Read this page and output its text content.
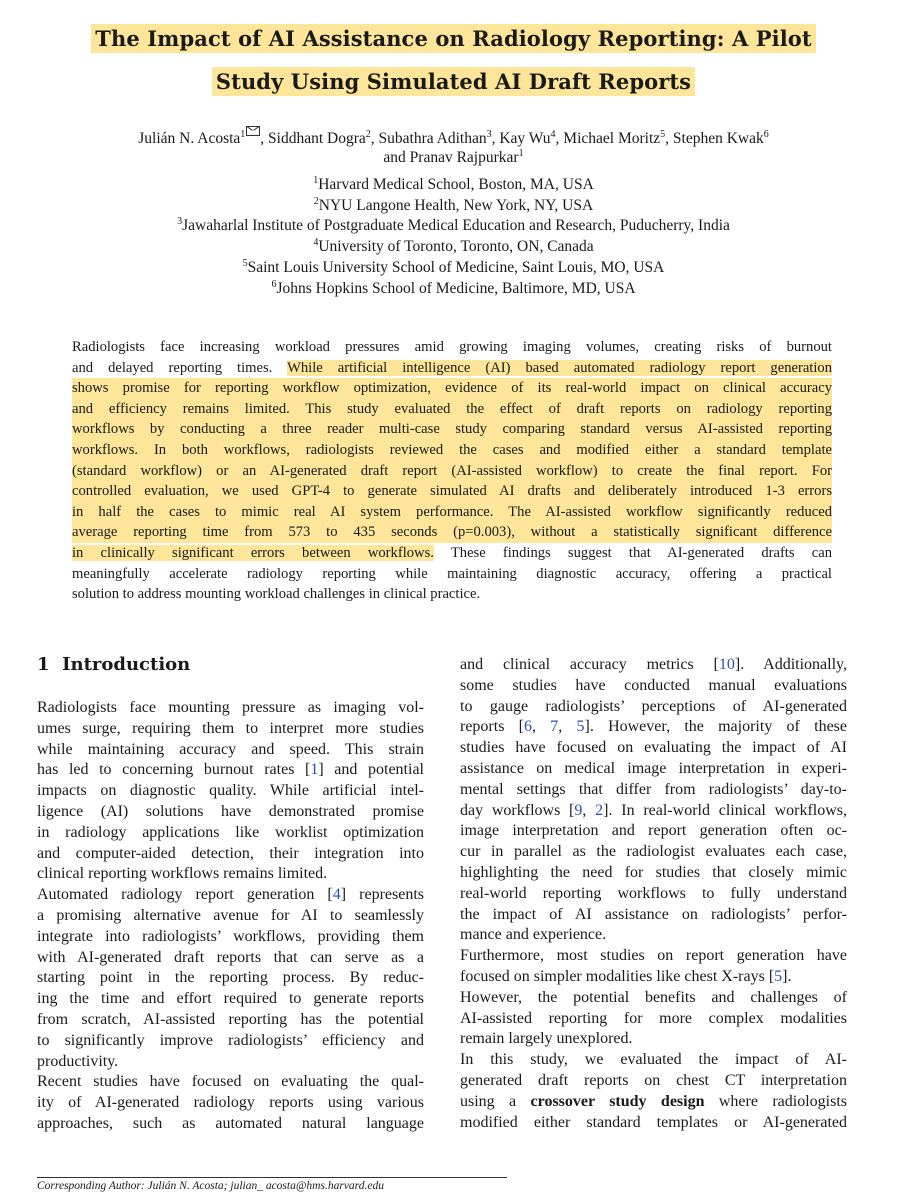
The Impact of AI Assistance on Radiology Reporting: A Pilot
Study Using Simulated AI Draft Reports
Julián N. Acosta$^1$ , Siddhant Dogra$^2$, Subathra Adithan$^3$, Kay Wu$^4$, Michael Moritz$^5$, Stephen Kwak$^6$
and Pranav Rajpurkar$^1$
$^1$Harvard Medical School, Boston, MA, USA
$^2$NYU Langone Health, New York, NY, USA
$^3$Jawaharlal Institute of Postgraduate Medical Education and Research, Puducherry, India
$^4$University of Toronto, Toronto, ON, Canada
$^5$Saint Louis University School of Medicine, Saint Louis, MO, USA
$^6$Johns Hopkins School of Medicine, Baltimore, MD, USA
Radiologists face increasing workload pressures amid growing imaging volumes, creating risks of burnout
and delayed reporting times. While artificial intelligence (AI) based automated radiology report generation
shows promise for reporting workflow optimization, evidence of its real-world impact on clinical accuracy
and efficiency remains limited. This study evaluated the effect of draft reports on radiology reporting
workflows by conducting a three reader multi-case study comparing standard versus AI-assisted reporting
workflows. In both workflows, radiologists reviewed the cases and modified either a standard template
(standard workflow) or an AI-generated draft report (AI-assisted workflow) to create the final report. For
controlled evaluation, we used GPT-4 to generate simulated AI drafts and deliberately introduced 1-3 errors
in half the cases to mimic real AI system performance. The AI-assisted workflow significantly reduced
average reporting time from 573 to 435 seconds (p=0.003), without a statistically significant difference
in clinically significant errors between workflows. These findings suggest that AI-generated drafts can
meaningfully accelerate radiology reporting while maintaining diagnostic accuracy, offering a practical
solution to address mounting workload challenges in clinical practice.
1 Introduction
Radiologists face mounting pressure as imaging vol-
umes surge, requiring them to interpret more studies
while maintaining accuracy and speed. This strain
has led to concerning burnout rates [1] and potential
impacts on diagnostic quality. While artificial intel-
ligence (AI) solutions have demonstrated promise
in radiology applications like worklist optimization
and computer-aided detection, their integration into
clinical reporting workflows remains limited.
Automated radiology report generation [4] represents
a promising alternative avenue for AI to seamlessly
integrate into radiologists’ workflows, providing them
with AI-generated draft reports that can serve as a
starting point in the reporting process. By reduc-
ing the time and effort required to generate reports
from scratch, AI-assisted reporting has the potential
to significantly improve radiologists’ efficiency and
productivity.
Recent studies have focused on evaluating the qual-
ity of AI-generated radiology reports using various
approaches, such as automated natural language
and clinical accuracy metrics [10]. Additionally,
some studies have conducted manual evaluations
to gauge radiologists’ perceptions of AI-generated
reports [6, 7, 5]. However, the majority of these
studies have focused on evaluating the impact of AI
assistance on medical image interpretation in experi-
mental settings that differ from radiologists’ day-to-
day workflows [9, 2]. In real-world clinical workflows,
image interpretation and report generation often oc-
cur in parallel as the radiologist evaluates each case,
highlighting the need for studies that closely mimic
real-world reporting workflows to fully understand
the impact of AI assistance on radiologists’ perfor-
mance and experience.
Furthermore, most studies on report generation have
focused on simpler modalities like chest X-rays [5].
However, the potential benefits and challenges of
AI-assisted reporting for more complex modalities
remain largely unexplored.
In this study, we evaluated the impact of AI-
generated draft reports on chest CT interpretation
using a crossover study design where radiologists
modified either standard templates or AI-generated
Corresponding Author: Julián N. Acosta; julian_ acosta@hms.harvard.edu
